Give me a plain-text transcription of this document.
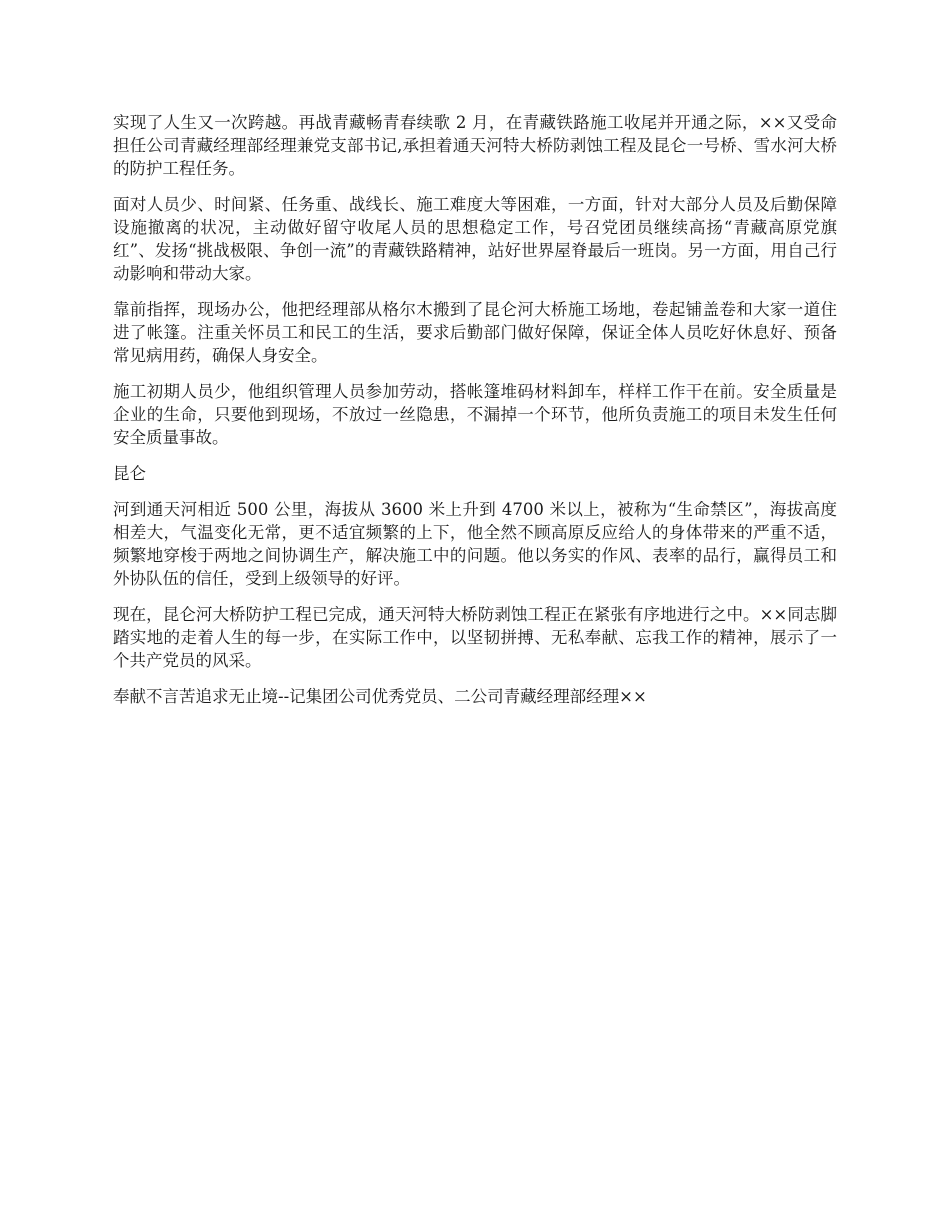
实现了人生又一次跨越。再战青藏畅青春续歌 2 月，在青藏铁路施工收尾并开通之际，××又受命担任公司青藏经理部经理兼党支部书记,承担着通天河特大桥防剥蚀工程及昆仑一号桥、雪水河大桥的防护工程任务。

面对人员少、时间紧、任务重、战线长、施工难度大等困难，一方面，针对大部分人员及后勤保障设施撤离的状况，主动做好留守收尾人员的思想稳定工作，号召党团员继续高扬“青藏高原党旗红”、发扬“挑战极限、争创一流”的青藏铁路精神，站好世界屋脊最后一班岗。另一方面，用自己行动影响和带动大家。

靠前指挥，现场办公，他把经理部从格尔木搬到了昆仑河大桥施工场地，卷起铺盖卷和大家一道住进了帐篷。注重关怀员工和民工的生活，要求后勤部门做好保障，保证全体人员吃好休息好、预备常见病用药，确保人身安全。

施工初期人员少，他组织管理人员参加劳动，搭帐篷堆码材料卸车，样样工作干在前。安全质量是企业的生命，只要他到现场，不放过一丝隐患，不漏掉一个环节，他所负责施工的项目未发生任何安全质量事故。

昆仑

河到通天河相近 500 公里，海拔从 3600 米上升到 4700 米以上，被称为“生命禁区”，海拔高度相差大，气温变化无常，更不适宜频繁的上下，他全然不顾高原反应给人的身体带来的严重不适，频繁地穿梭于两地之间协调生产，解决施工中的问题。他以务实的作风、表率的品行，赢得员工和外协队伍的信任，受到上级领导的好评。

现在，昆仑河大桥防护工程已完成，通天河特大桥防剥蚀工程正在紧张有序地进行之中。××同志脚踏实地的走着人生的每一步，在实际工作中，以坚韧拼搏、无私奉献、忘我工作的精神，展示了一个共产党员的风采。

奉献不言苦追求无止境--记集团公司优秀党员、二公司青藏经理部经理××
